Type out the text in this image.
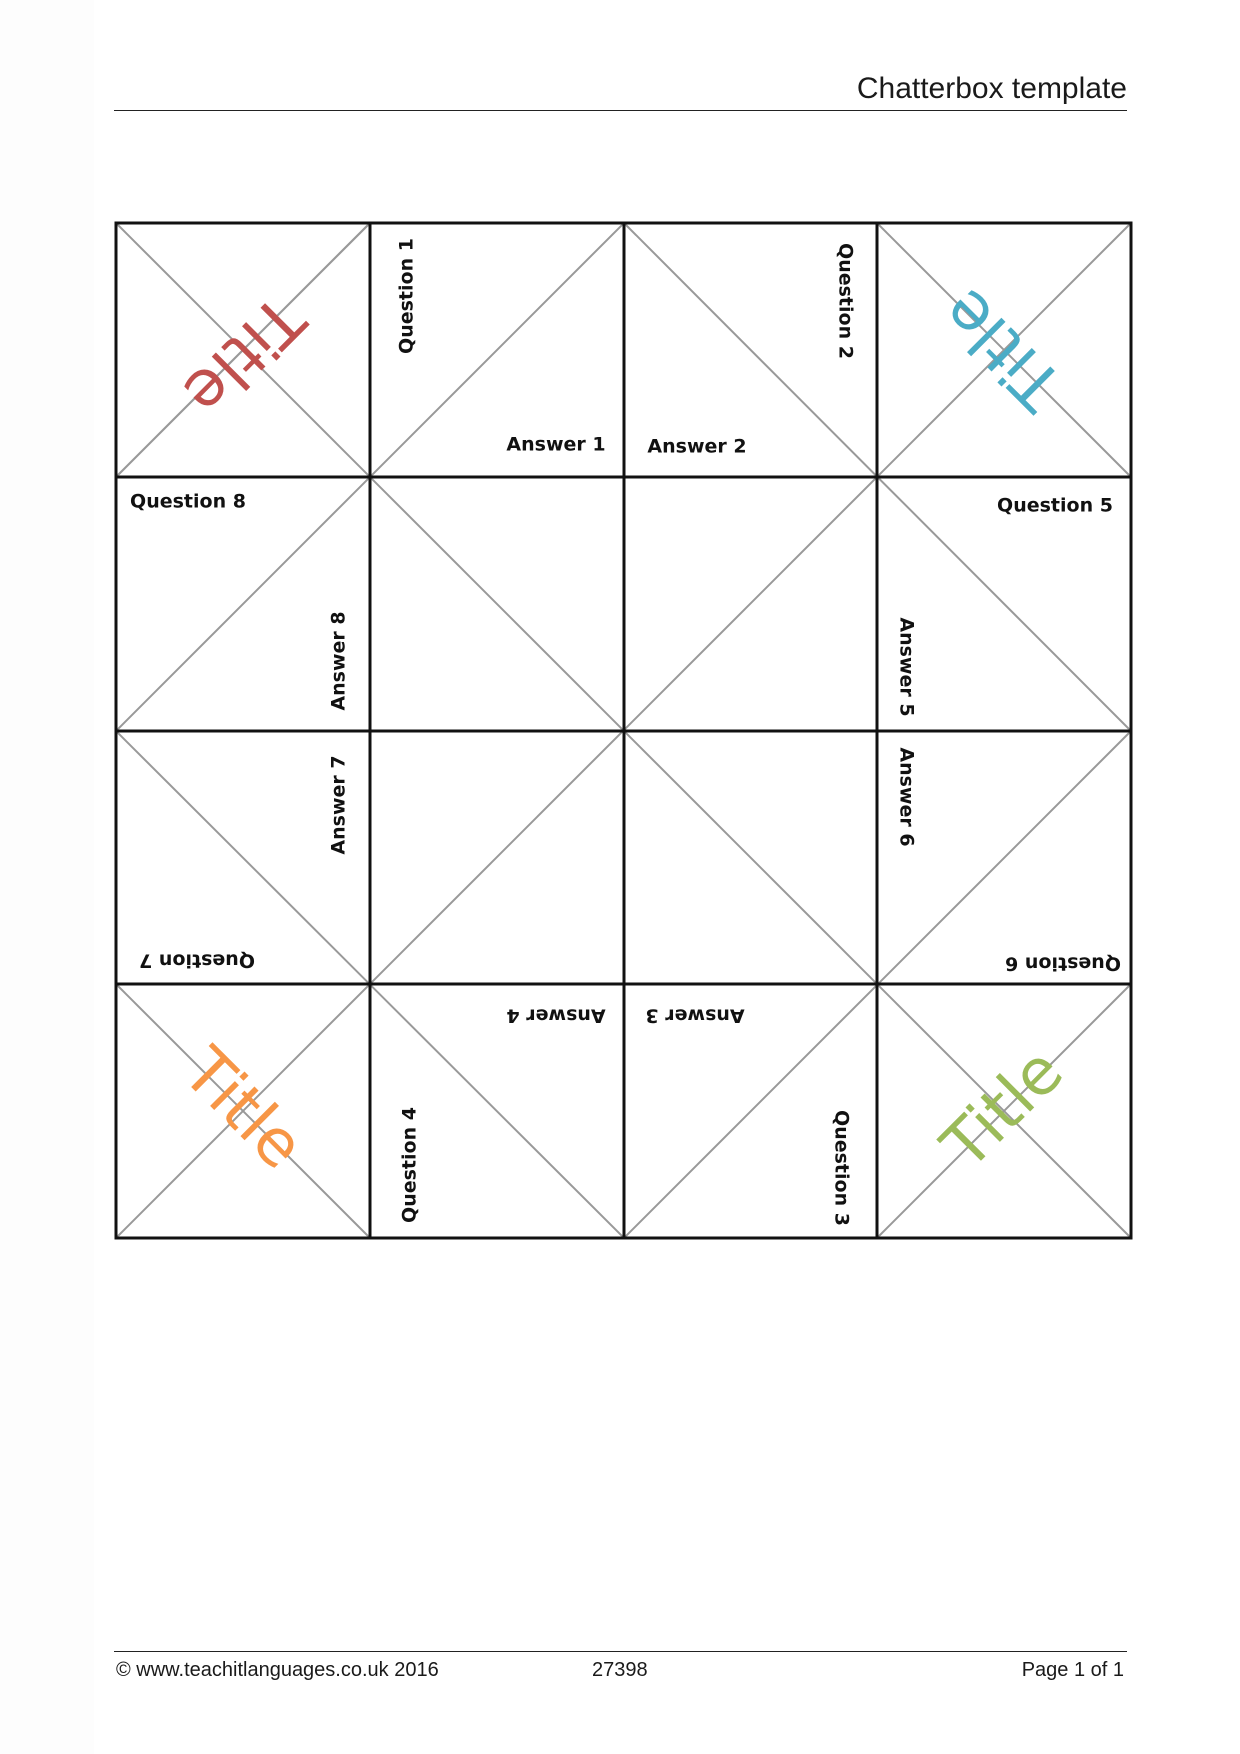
Chatterbox template
Title	Title
Title	Title
Question 1
Answer 1
Question 2
Answer 2
Question 8
Answer 8
Question 5
Answer 5
Answer 7
Question 7
Answer 6
Question 6
Answer 4
Question 4
Answer 3
Question 3
© www.teachitlanguages.co.uk 2016	27398	Page 1 of 1
